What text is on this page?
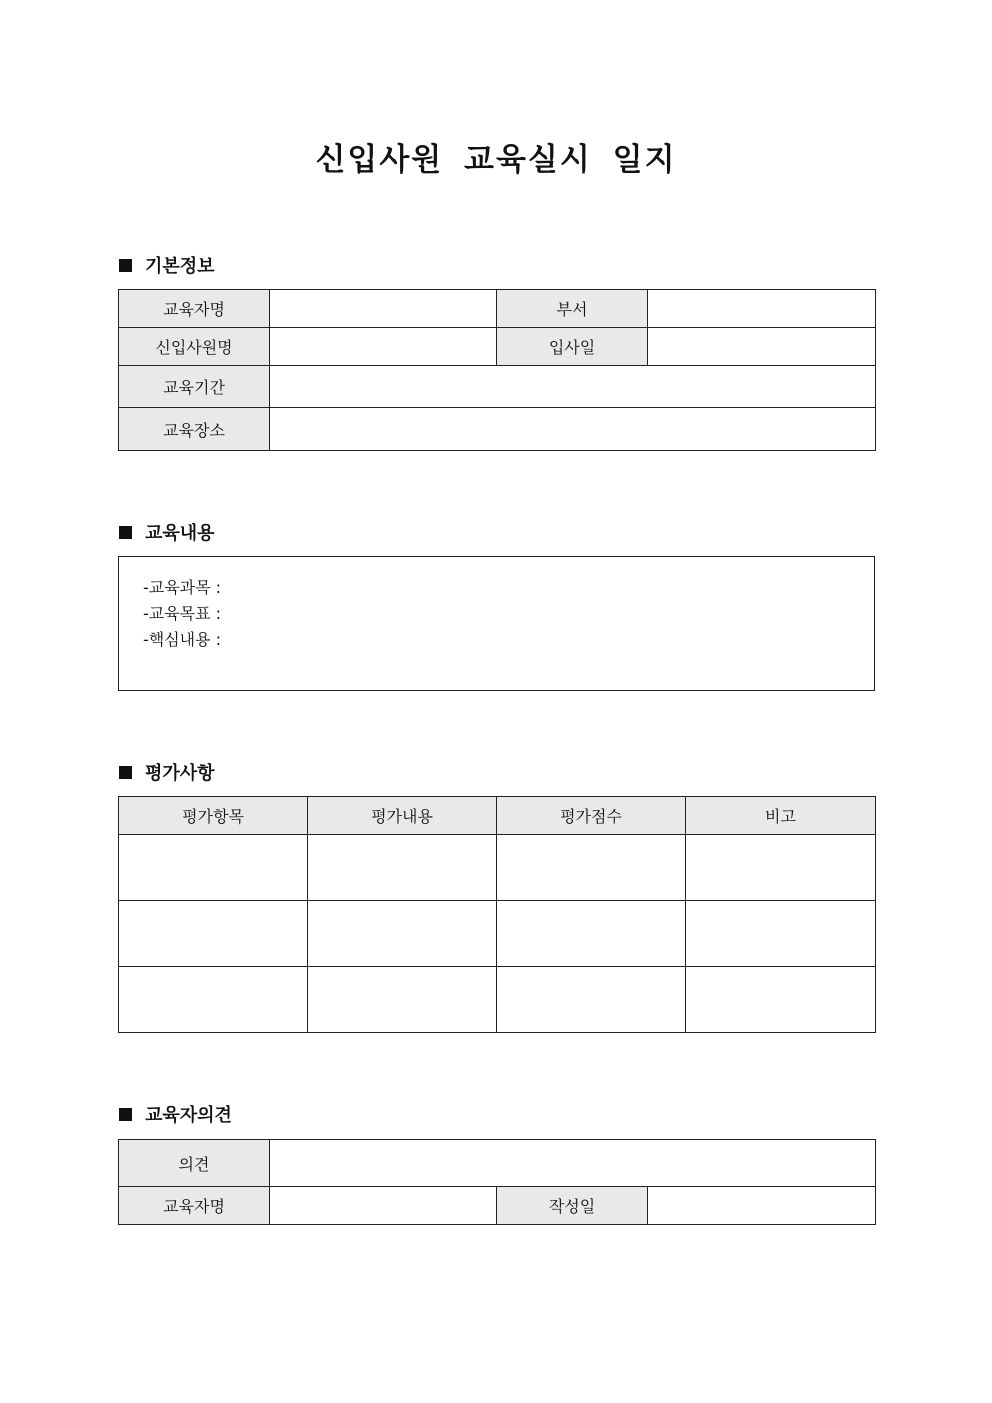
신입사원 교육실시 일지
기본정보
교육자명		부서	
신입사원명		입사일	
교육기간			
교육장소			
교육내용
-교육과목 :
-교육목표 :
-핵심내용 :
평가사항
평가항목	평가내용	평가점수	비고

교육자의견
의견			
교육자명		작성일	
